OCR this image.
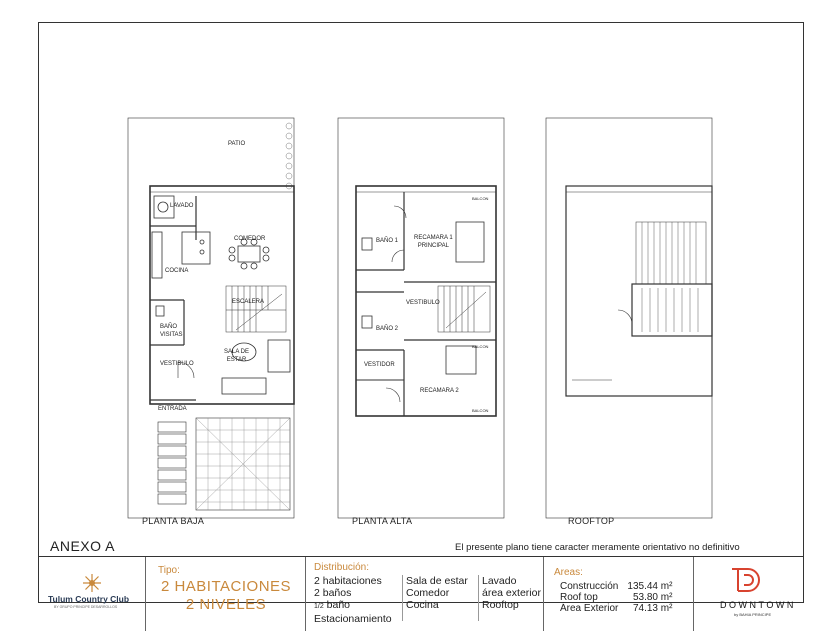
PATIO
LAVADO
COMEDOR
COCINA
ESCALERA
BAÑO
VISITAS
SALA DE
ESTAR
VESTIBULO
ENTRADA
BAÑO 1	RECAMARA 1
PRINCIPAL
VESTIBULO
BAÑO 2
VESTIDOR
RECAMARA 2
BALCON
BALCON
BALCON
PLANTA BAJA	PLANTA ALTA	ROOFTOP
ANEXO A	El presente plano tiene caracter meramente orientativo no definitivo
Tulum Country Club
BY GRUPO PRINCIPE DESARROLLOS
Tipo:
2 HABITACIONES
2 NIVELES
Distribución:
2 habitaciones
2 baños
1/2 baño
Estacionamiento
Sala de estar
Comedor
Cocina
Lavado
área exterior
Rooftop
Areas:
Construcción 135.44 m²
Roof top	53.80 m²
Área Exterior 74.13 m²	DOWNTOWN
by BAHIA PRINCIPE
